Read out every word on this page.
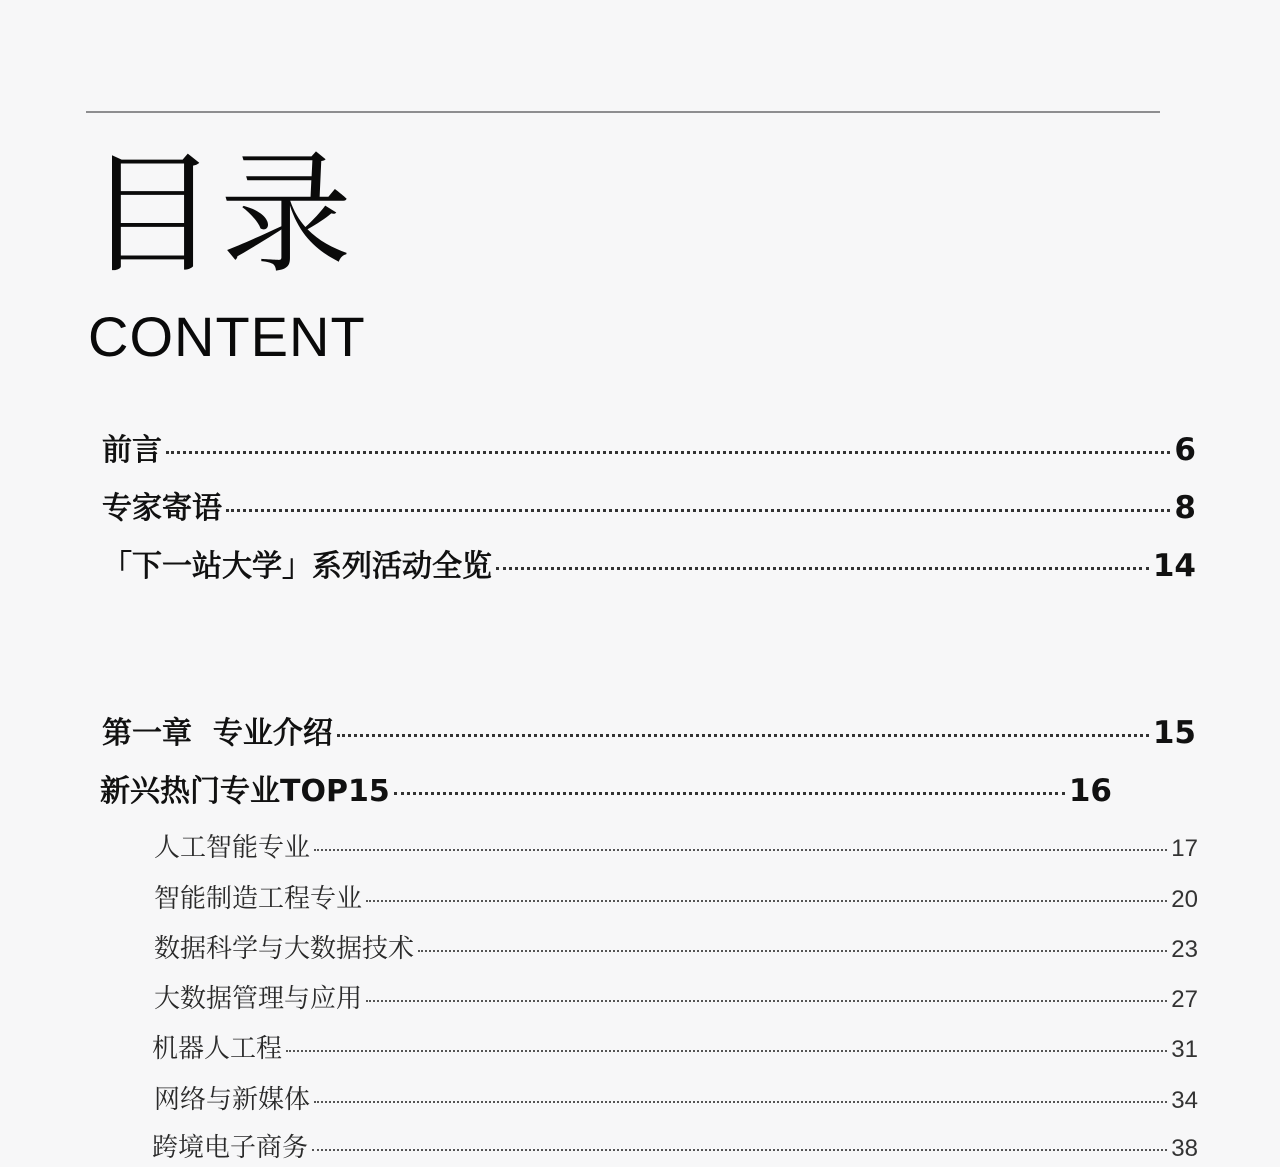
目录
CONTENT
前言	6
专家寄语	8
「下一站大学」系列活动全览	14
第一章  专业介绍	15
新兴热门专业TOP15	16
人工智能专业	17
智能制造工程专业	20
数据科学与大数据技术	23
大数据管理与应用	27
机器人工程	31
网络与新媒体	34
跨境电子商务	38
